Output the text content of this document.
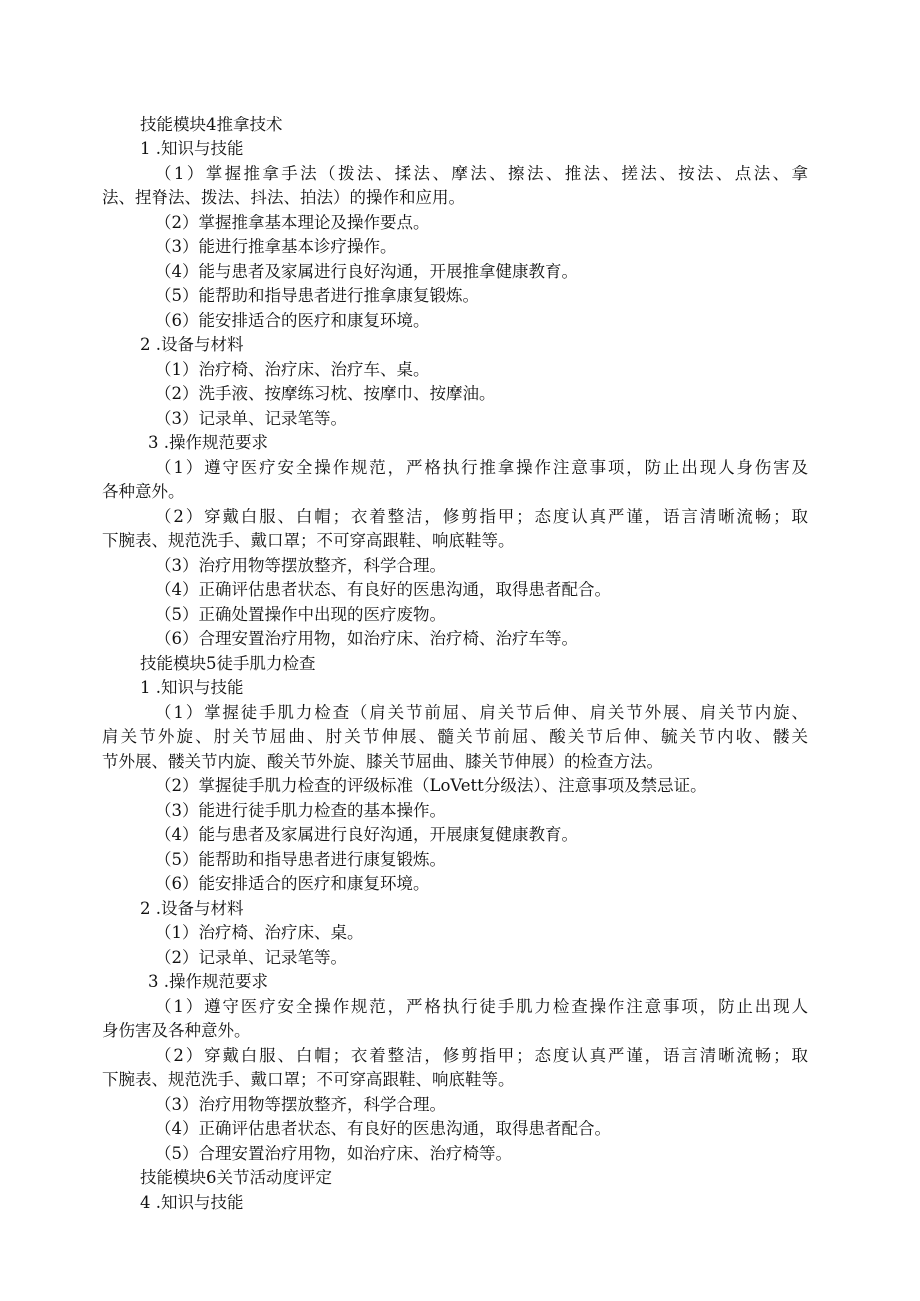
技能模块4推拿技术
1 .知识与技能
（1）掌握推拿手法（拨法、揉法、摩法、擦法、推法、搓法、按法、点法、拿
法、捏脊法、拨法、抖法、拍法）的操作和应用。
（2）掌握推拿基本理论及操作要点。
（3）能进行推拿基本诊疗操作。
（4）能与患者及家属进行良好沟通，开展推拿健康教育。
（5）能帮助和指导患者进行推拿康复锻炼。
（6）能安排适合的医疗和康复环境。
2 .设备与材料
（1）治疗椅、治疗床、治疗车、桌。
（2）洗手液、按摩练习枕、按摩巾、按摩油。
（3）记录单、记录笔等。
3 .操作规范要求
（1）遵守医疗安全操作规范，严格执行推拿操作注意事项，防止出现人身伤害及
各种意外。
（2）穿戴白服、白帽；衣着整洁，修剪指甲；态度认真严谨，语言清晰流畅；取
下腕表、规范洗手、戴口罩；不可穿高跟鞋、响底鞋等。
（3）治疗用物等摆放整齐，科学合理。
（4）正确评估患者状态、有良好的医患沟通，取得患者配合。
（5）正确处置操作中出现的医疗废物。
（6）合理安置治疗用物，如治疗床、治疗椅、治疗车等。
技能模块5徒手肌力检查
1 .知识与技能
（1）掌握徒手肌力检查（肩关节前屈、肩关节后伸、肩关节外展、肩关节内旋、
肩关节外旋、肘关节屈曲、肘关节伸展、髓关节前屈、酸关节后伸、毓关节内收、髅关
节外展、髅关节内旋、酸关节外旋、膝关节屈曲、膝关节伸展）的检查方法。
（2）掌握徒手肌力检查的评级标准（LoVett分级法）、注意事项及禁忌证。
（3）能进行徒手肌力检查的基本操作。
（4）能与患者及家属进行良好沟通，开展康复健康教育。
（5）能帮助和指导患者进行康复锻炼。
（6）能安排适合的医疗和康复环境。
2 .设备与材料
（1）治疗椅、治疗床、桌。
（2）记录单、记录笔等。
3 .操作规范要求
（1）遵守医疗安全操作规范，严格执行徒手肌力检查操作注意事项，防止出现人
身伤害及各种意外。
（2）穿戴白服、白帽；衣着整洁，修剪指甲；态度认真严谨，语言清晰流畅；取
下腕表、规范洗手、戴口罩；不可穿高跟鞋、响底鞋等。
（3）治疗用物等摆放整齐，科学合理。
（4）正确评估患者状态、有良好的医患沟通，取得患者配合。
（5）合理安置治疗用物，如治疗床、治疗椅等。
技能模块6关节活动度评定
4 .知识与技能
